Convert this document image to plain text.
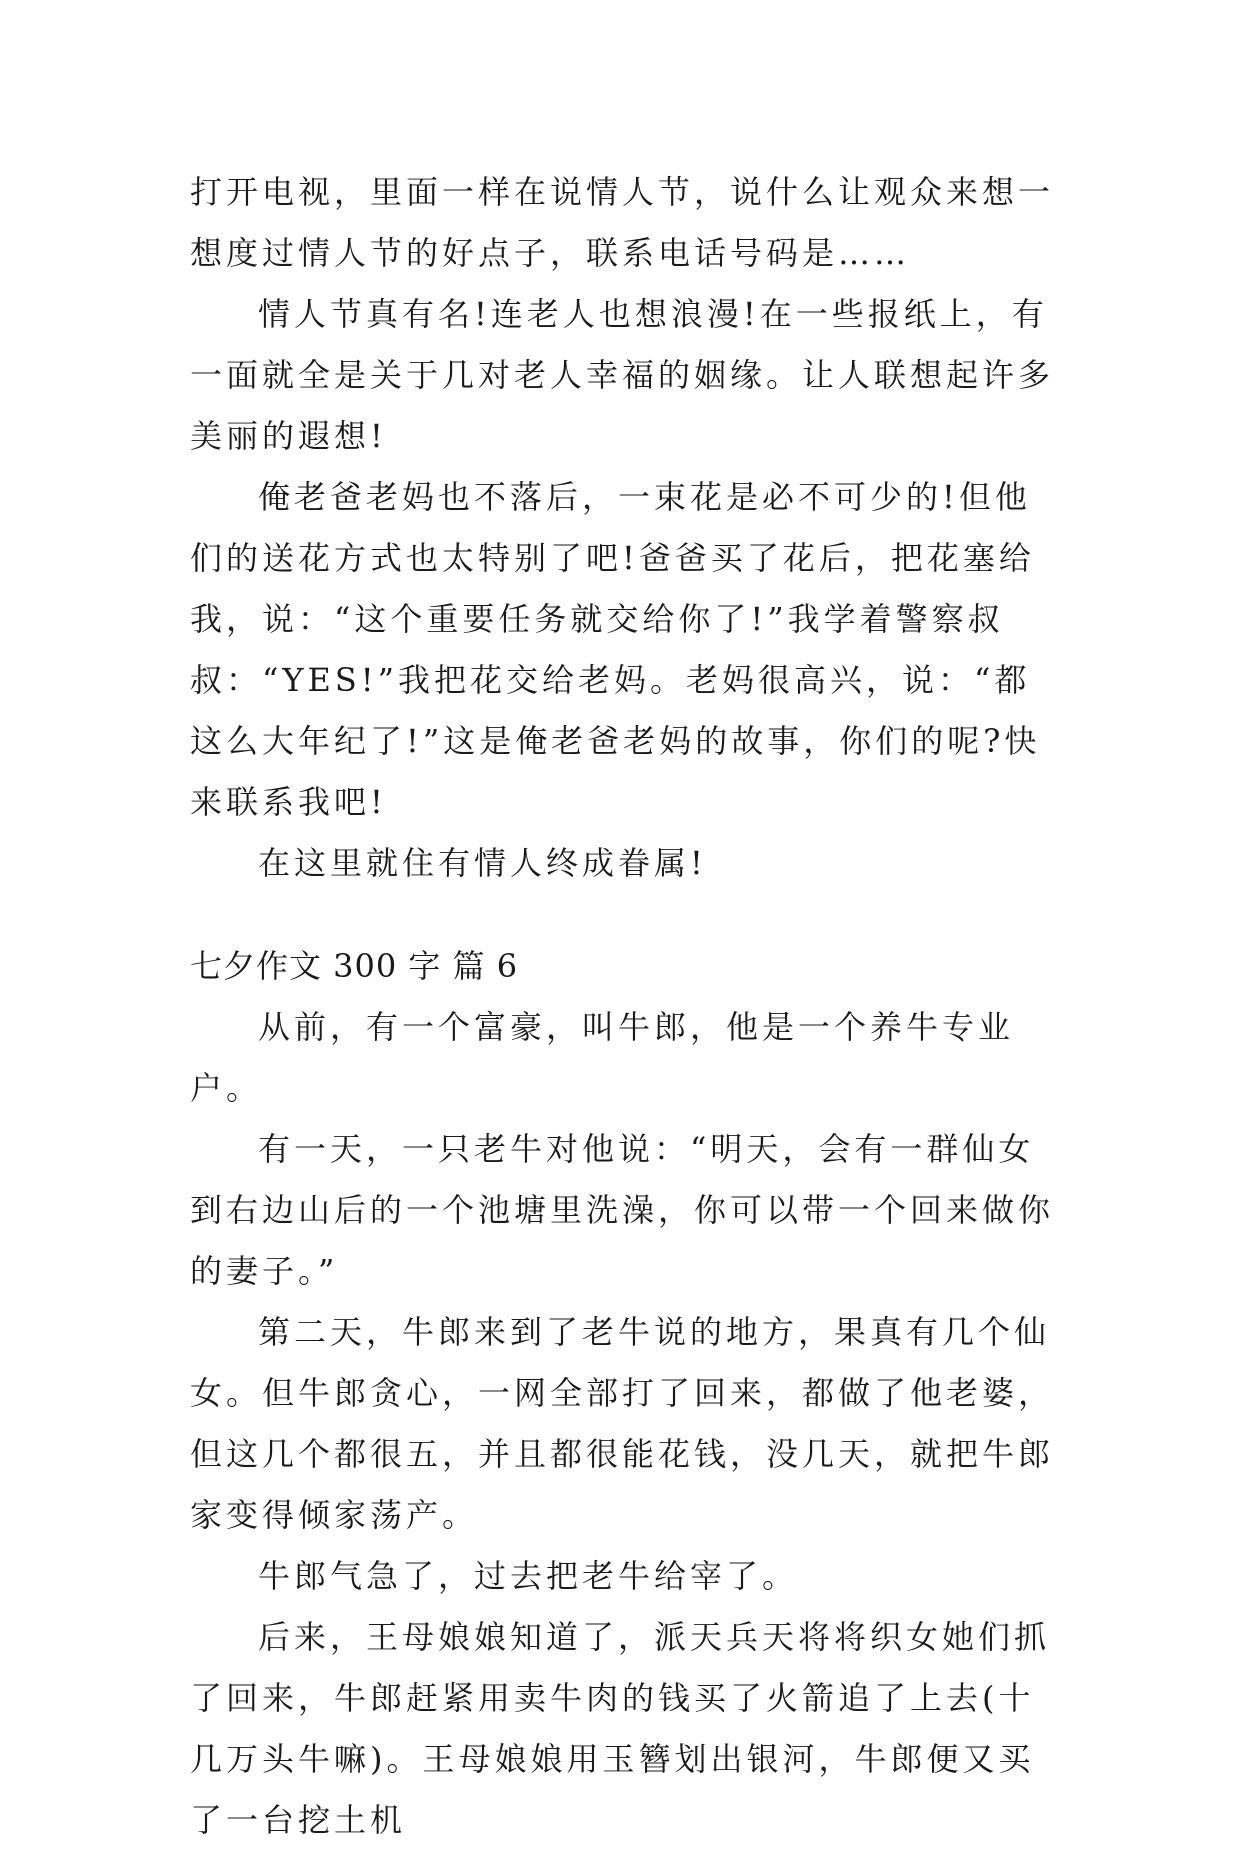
打开电视，里面一样在说情人节，说什么让观众来想一想度过情人节的好点子，联系电话号码是……

情人节真有名!连老人也想浪漫!在一些报纸上，有一面就全是关于几对老人幸福的姻缘。让人联想起许多美丽的遐想!

俺老爸老妈也不落后，一束花是必不可少的!但他们的送花方式也太特别了吧!爸爸买了花后，把花塞给我，说：“这个重要任务就交给你了!”我学着警察叔叔：“YES!”我把花交给老妈。老妈很高兴，说：“都这么大年纪了!”这是俺老爸老妈的故事，你们的呢?快来联系我吧!

在这里就住有情人终成眷属!

七夕作文 300 字 篇 6

从前，有一个富豪，叫牛郎，他是一个养牛专业户。

有一天，一只老牛对他说：“明天，会有一群仙女到右边山后的一个池塘里洗澡，你可以带一个回来做你的妻子。”

第二天，牛郎来到了老牛说的地方，果真有几个仙女。但牛郎贪心，一网全部打了回来，都做了他老婆，但这几个都很五，并且都很能花钱，没几天，就把牛郎家变得倾家荡产。

牛郎气急了，过去把老牛给宰了。

后来，王母娘娘知道了，派天兵天将将织女她们抓了回来，牛郎赶紧用卖牛肉的钱买了火箭追了上去(十几万头牛嘛)。王母娘娘用玉簪划出银河，牛郎便又买了一台挖土机
